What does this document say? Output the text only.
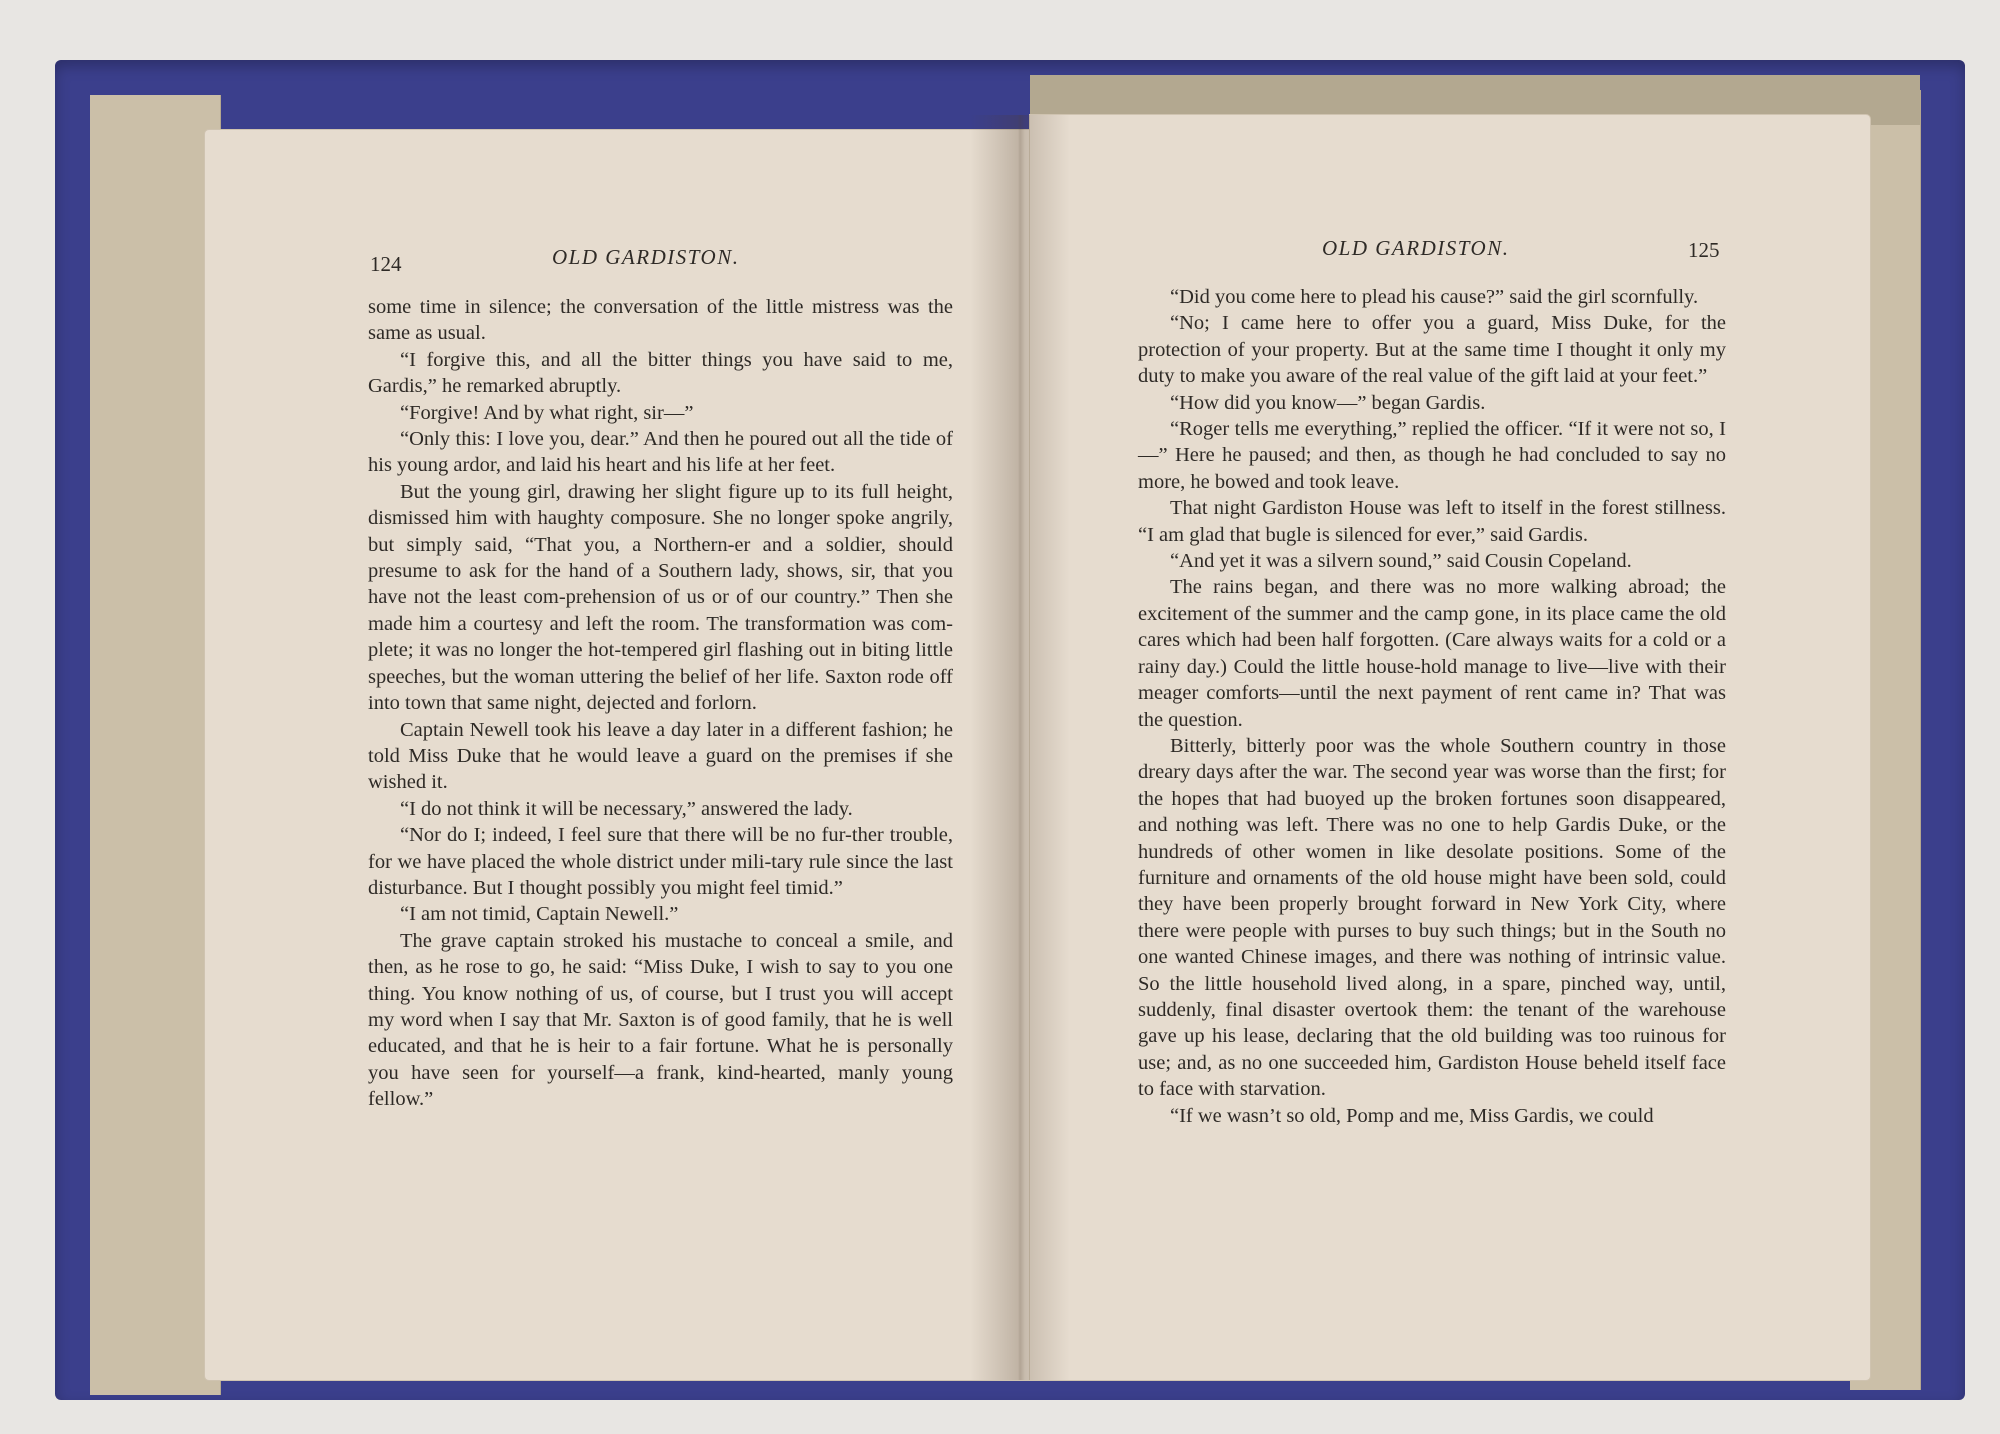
124	OLD GARDISTON.	OLD GARDISTON.	125

some time in silence; the conversation of the little mistress was the same as usual.

“I forgive this, and all the bitter things you have said to me, Gardis,” he remarked abruptly.

“Forgive! And by what right, sir—”

“Only this: I love you, dear.” And then he poured out all the tide of his young ardor, and laid his heart and his life at her feet.

But the young girl, drawing her slight figure up to its full height, dismissed him with haughty composure. She no longer spoke angrily, but simply said, “That you, a Northern-er and a soldier, should presume to ask for the hand of a Southern lady, shows, sir, that you have not the least com-prehension of us or of our country.” Then she made him a courtesy and left the room. The transformation was com-plete; it was no longer the hot-tempered girl flashing out in biting little speeches, but the woman uttering the belief of her life. Saxton rode off into town that same night, dejected and forlorn.

Captain Newell took his leave a day later in a different fashion; he told Miss Duke that he would leave a guard on the premises if she wished it.

“I do not think it will be necessary,” answered the lady.

“Nor do I; indeed, I feel sure that there will be no fur-ther trouble, for we have placed the whole district under mili-tary rule since the last disturbance. But I thought possibly you might feel timid.”

“I am not timid, Captain Newell.”

The grave captain stroked his mustache to conceal a smile, and then, as he rose to go, he said: “Miss Duke, I wish to say to you one thing. You know nothing of us, of course, but I trust you will accept my word when I say that Mr. Saxton is of good family, that he is well educated, and that he is heir to a fair fortune. What he is personally you have seen for yourself—a frank, kind-hearted, manly young fellow.”

“Did you come here to plead his cause?” said the girl scornfully.

“No; I came here to offer you a guard, Miss Duke, for the protection of your property. But at the same time I thought it only my duty to make you aware of the real value of the gift laid at your feet.”

“How did you know—” began Gardis.

“Roger tells me everything,” replied the officer. “If it were not so, I—” Here he paused; and then, as though he had concluded to say no more, he bowed and took leave.

That night Gardiston House was left to itself in the forest stillness. “I am glad that bugle is silenced for ever,” said Gardis.

“And yet it was a silvern sound,” said Cousin Copeland.

The rains began, and there was no more walking abroad; the excitement of the summer and the camp gone, in its place came the old cares which had been half forgotten. (Care always waits for a cold or a rainy day.) Could the little house-hold manage to live—live with their meager comforts—until the next payment of rent came in? That was the question.

Bitterly, bitterly poor was the whole Southern country in those dreary days after the war. The second year was worse than the first; for the hopes that had buoyed up the broken fortunes soon disappeared, and nothing was left. There was no one to help Gardis Duke, or the hundreds of other women in like desolate positions. Some of the furniture and ornaments of the old house might have been sold, could they have been properly brought forward in New York City, where there were people with purses to buy such things; but in the South no one wanted Chinese images, and there was nothing of intrinsic value. So the little household lived along, in a spare, pinched way, until, suddenly, final disaster overtook them: the tenant of the warehouse gave up his lease, declaring that the old building was too ruinous for use; and, as no one succeeded him, Gardiston House beheld itself face to face with starvation.

“If we wasn’t so old, Pomp and me, Miss Gardis, we could
